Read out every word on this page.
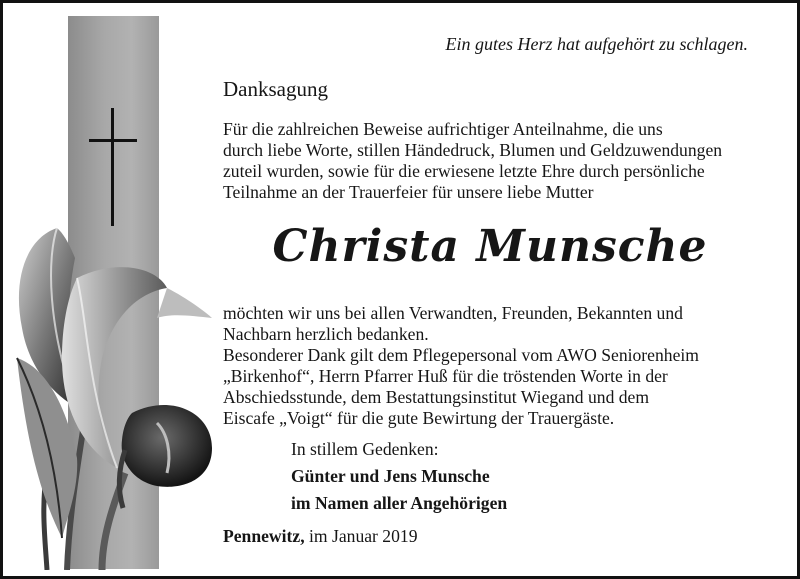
Ein gutes Herz hat aufgehört zu schlagen.
Danksagung
Für die zahlreichen Beweise aufrichtiger Anteilnahme, die uns
durch liebe Worte, stillen Händedruck, Blumen und Geldzuwendungen
zuteil wurden, sowie für die erwiesene letzte Ehre durch persönliche
Teilnahme an der Trauerfeier für unsere liebe Mutter
Christa Munsche
möchten wir uns bei allen Verwandten, Freunden, Bekannten und
Nachbarn herzlich bedanken.
Besonderer Dank gilt dem Pflegepersonal vom AWO Seniorenheim
„Birkenhof“, Herrn Pfarrer Huß für die tröstenden Worte in der
Abschiedsstunde, dem Bestattungsinstitut Wiegand und dem
Eiscafe „Voigt“ für die gute Bewirtung der Trauergäste.
In stillem Gedenken:
Günter und Jens Munsche
im Namen aller Angehörigen
Pennewitz, im Januar 2019
